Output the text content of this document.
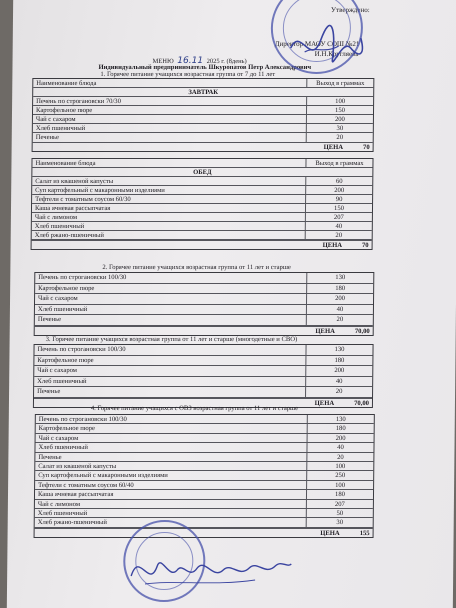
Утверждено:
Директор МАОУ СОШ №21
И.Н.Кругляева
МЕНЮ 16.11 2025 г. (8день)
Индивидуальный предприниматель Шкуропатов Петр Александрович
1. Горячее питание учащихся возрастная группа от 7 до 11 лет
Наименование блюда	Выход в граммах
ЗАВТРАК
Печень по строгановски 70/30	100
Картофельное пюре	150
Чай с сахаром	200
Хлеб пшеничный	30
Печенье	20
ЦЕНА	70
Наименование блюда	Выход в граммах
ОБЕД
Салат из квашеной капусты	60
Суп картофельный с макаронными изделиями	200
Тефтели с томатным соусом 60/30	90
Каша ячневая рассыпчатая	150
Чай с лимоном	207
Хлеб пшеничный	40
Хлеб ржано-пшеничный	20
ЦЕНА	70
2. Горячее питание учащихся возрастная группа от 11 лет и старше
Печень по строгановски 100/30	130
Картофельное пюре	180
Чай с сахаром	200
Хлеб пшеничный	40
Печенье	20
ЦЕНА	70,00
3. Горячее питание учащихся возрастная группа от 11 лет и старше (многодетные и СВО)
Печень по строгановски 100/30	130
Картофельное пюре	180
Чай с сахаром	200
Хлеб пшеничный	40
Печенье	20
ЦЕНА	70,00
4. Горячее питание учащихся с ОВЗ возрастная группа от 11 лет и старше
Печень по строгановски 100/30	130
Картофельное пюре	180
Чай с сахаром	200
Хлеб пшеничный	40
Печенье	20
Салат из квашеной капусты	100
Суп картофельный с макаронными изделиями	250
Тефтели с томатным соусом 60/40	100
Каша ячневая рассыпчатая	180
Чай с лимоном	207
Хлеб пшеничный	50
Хлеб ржано-пшеничный	30
ЦЕНА	155
